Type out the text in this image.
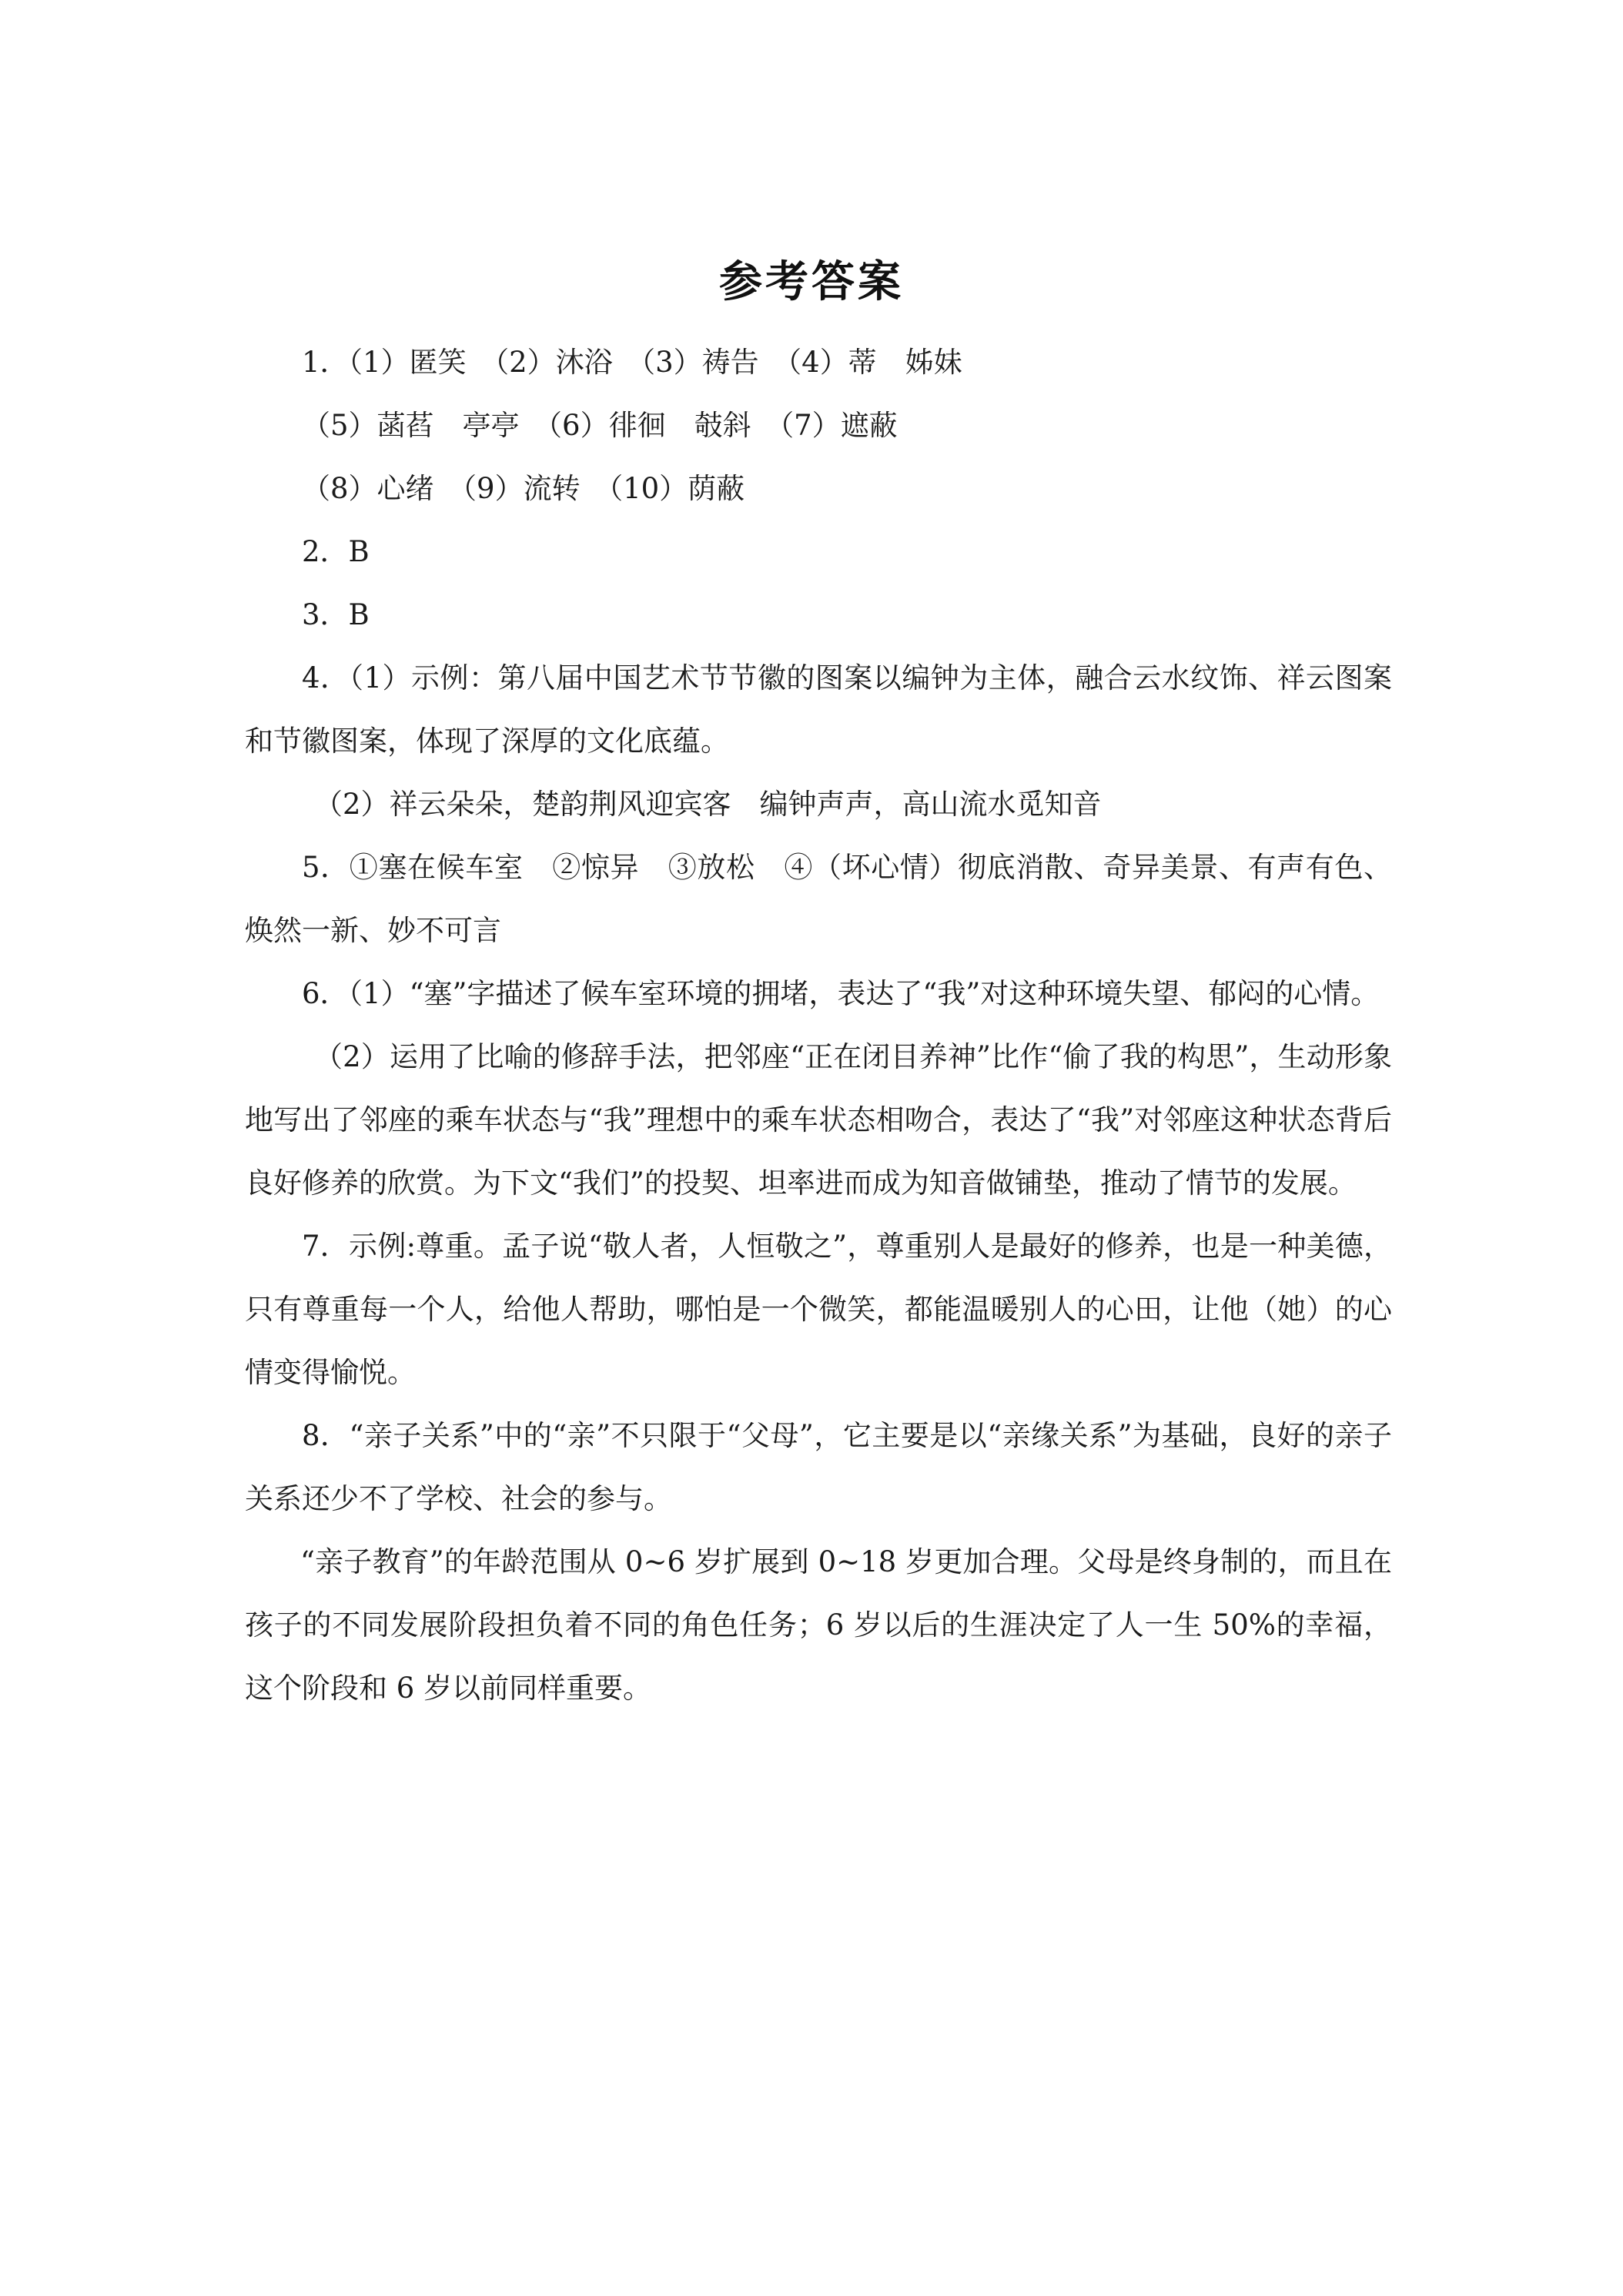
参考答案

1．（1）匿笑　（2）沐浴　（3）祷告　（4）蒂　姊妹

（5）菡萏　亭亭　（6）徘徊　攲斜　（7）遮蔽

（8）心绪　（9）流转　（10）荫蔽

2．B

3．B

4．（1）示例：第八届中国艺术节节徽的图案以编钟为主体，融合云水纹饰、祥云图案和节徽图案，体现了深厚的文化底蕴。

（2）祥云朵朵，楚韵荆风迎宾客　编钟声声，高山流水觅知音

5．①塞在候车室　②惊异　③放松　④（坏心情）彻底消散、奇异美景、有声有色、焕然一新、妙不可言

6．（1）“塞”字描述了候车室环境的拥堵，表达了“我”对这种环境失望、郁闷的心情。

（2）运用了比喻的修辞手法，把邻座“正在闭目养神”比作“偷了我的构思”，生动形象地写出了邻座的乘车状态与“我”理想中的乘车状态相吻合，表达了“我”对邻座这种状态背后良好修养的欣赏。为下文“我们”的投契、坦率进而成为知音做铺垫，推动了情节的发展。

7．示例:尊重。孟子说“敬人者，人恒敬之”，尊重别人是最好的修养，也是一种美德，只有尊重每一个人，给他人帮助，哪怕是一个微笑，都能温暖别人的心田，让他（她）的心情变得愉悦。

8．“亲子关系”中的“亲”不只限于“父母”，它主要是以“亲缘关系”为基础，良好的亲子关系还少不了学校、社会的参与。

“亲子教育”的年龄范围从 0~6 岁扩展到 0~18 岁更加合理。父母是终身制的，而且在孩子的不同发展阶段担负着不同的角色任务；6 岁以后的生涯决定了人一生 50%的幸福，这个阶段和 6 岁以前同样重要。
